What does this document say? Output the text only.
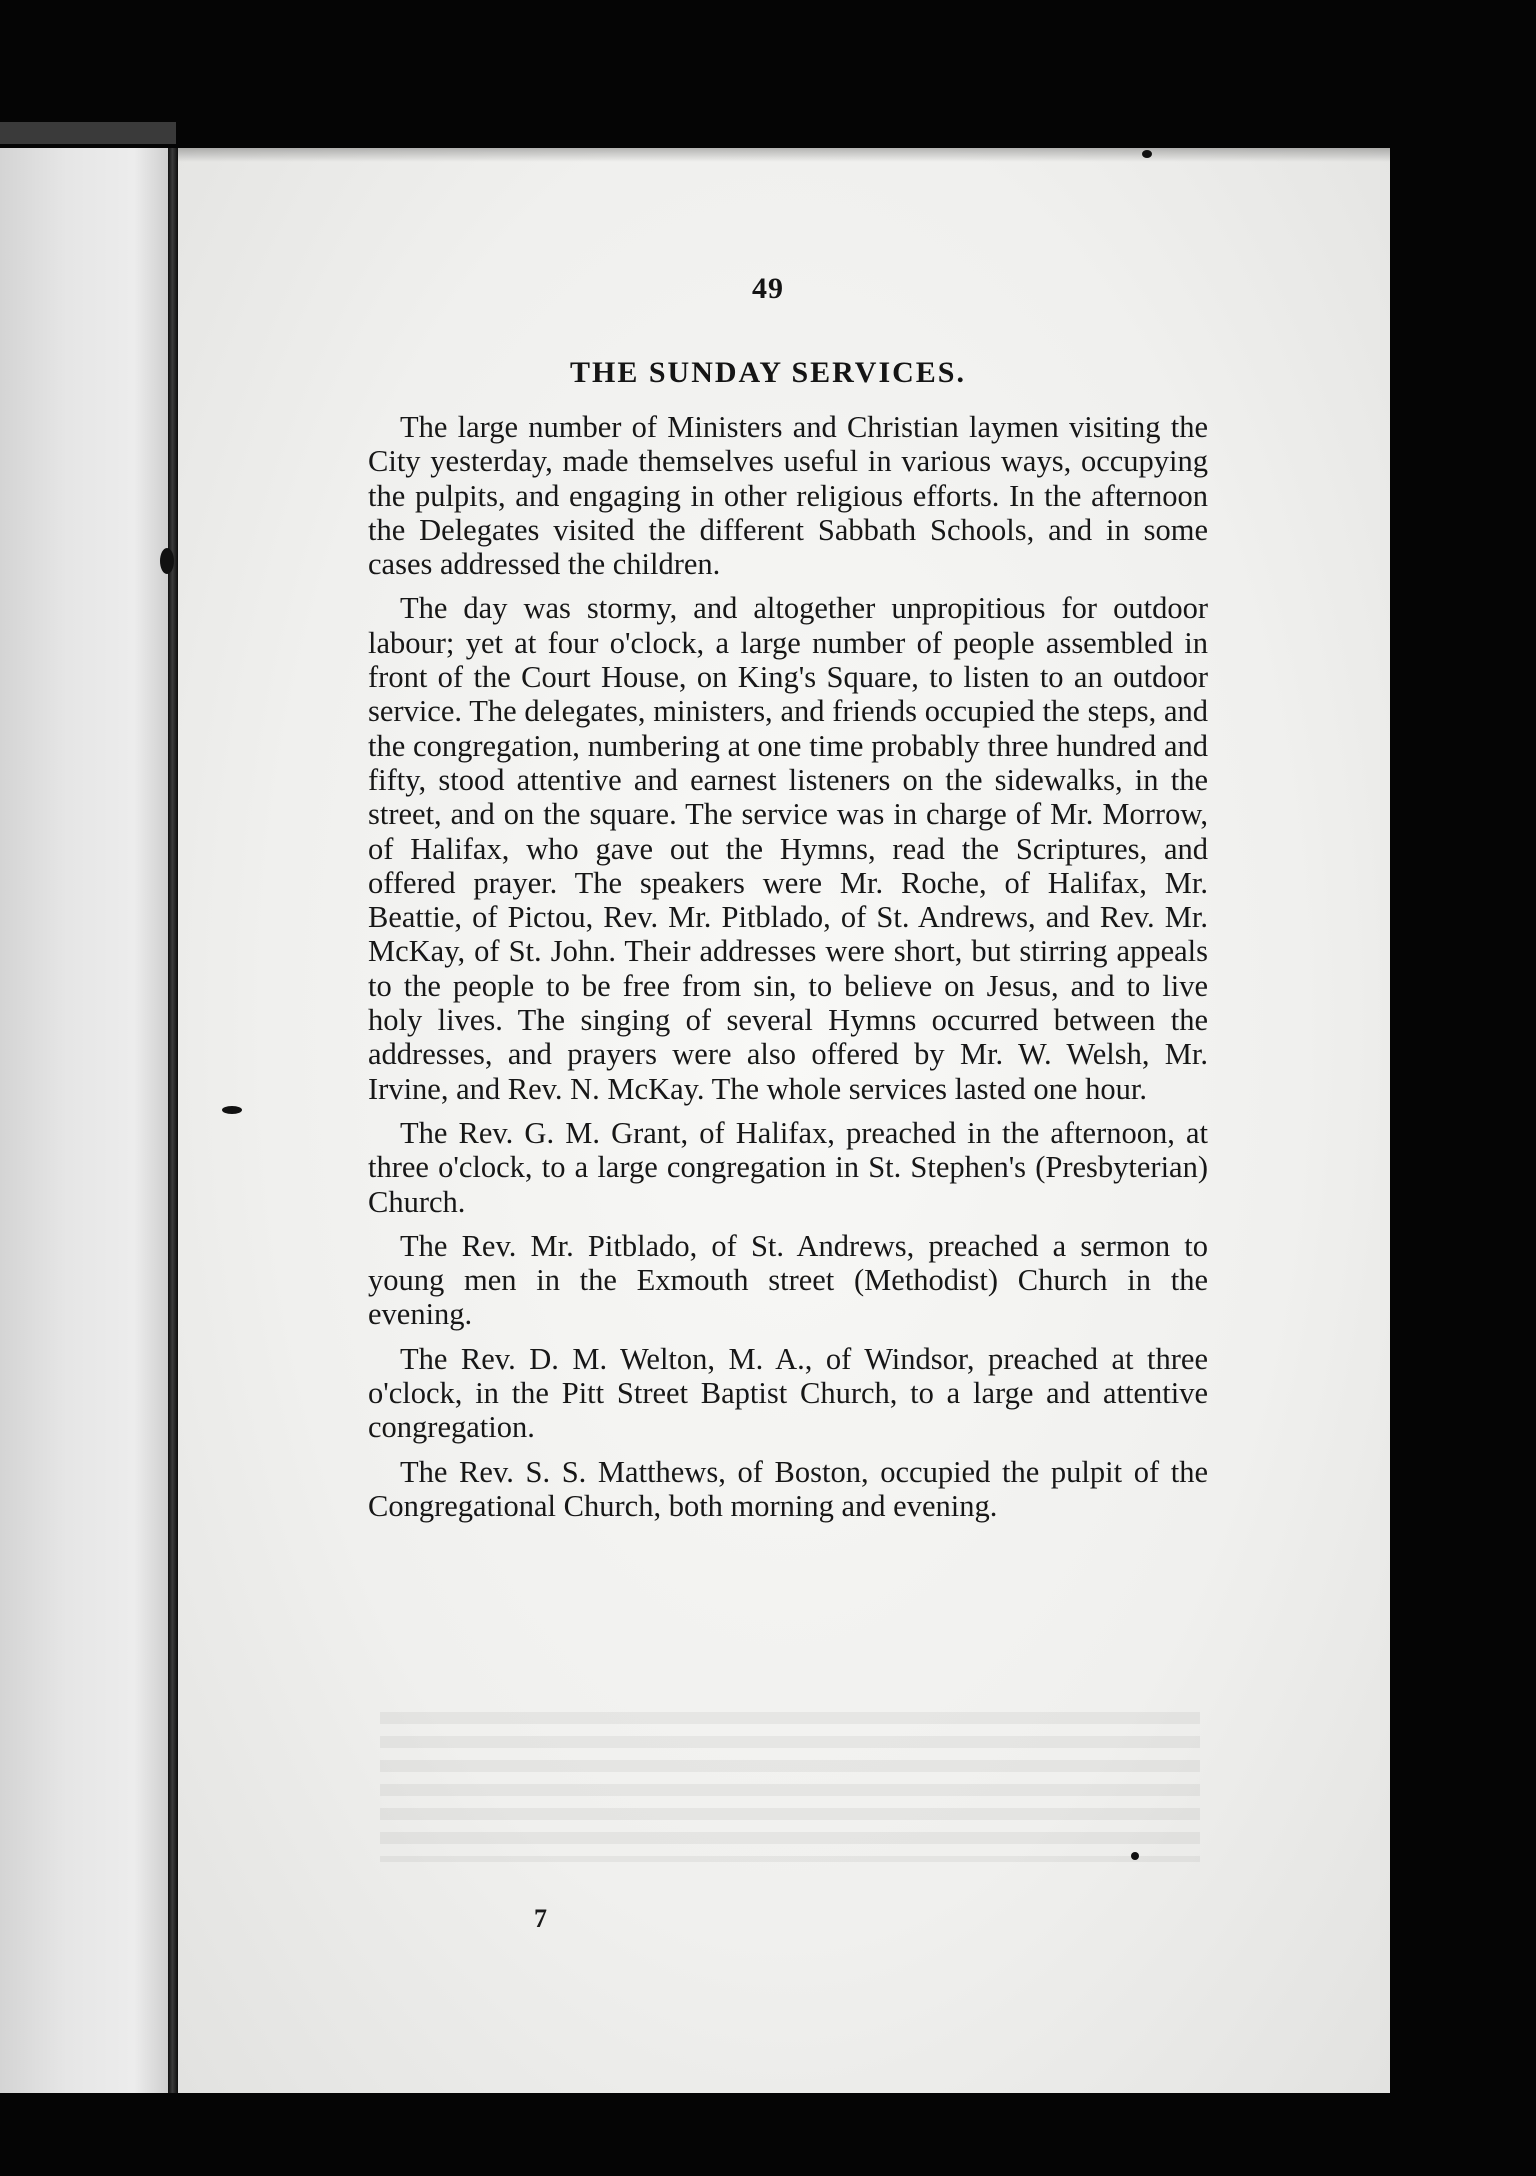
49
THE SUNDAY SERVICES.

The large number of Ministers and Christian laymen visiting the City yesterday, made themselves useful in various ways, occupying the pulpits, and engaging in other religious efforts. In the afternoon the Delegates visited the different Sabbath Schools, and in some cases addressed the children.

The day was stormy, and altogether unpropitious for outdoor labour; yet at four o'clock, a large number of people assembled in front of the Court House, on King's Square, to listen to an outdoor service. The delegates, ministers, and friends occupied the steps, and the congregation, numbering at one time probably three hundred and fifty, stood attentive and earnest listeners on the sidewalks, in the street, and on the square. The service was in charge of Mr. Morrow, of Halifax, who gave out the Hymns, read the Scriptures, and offered prayer. The speakers were Mr. Roche, of Halifax, Mr. Beattie, of Pictou, Rev. Mr. Pitblado, of St. Andrews, and Rev. Mr. McKay, of St. John. Their addresses were short, but stirring appeals to the people to be free from sin, to believe on Jesus, and to live holy lives. The singing of several Hymns occurred between the addresses, and prayers were also offered by Mr. W. Welsh, Mr. Irvine, and Rev. N. McKay. The whole services lasted one hour.

The Rev. G. M. Grant, of Halifax, preached in the afternoon, at three o'clock, to a large congregation in St. Stephen's (Presbyterian) Church.

The Rev. Mr. Pitblado, of St. Andrews, preached a sermon to young men in the Exmouth street (Methodist) Church in the evening.

The Rev. D. M. Welton, M. A., of Windsor, preached at three o'clock, in the Pitt Street Baptist Church, to a large and attentive congregation.

The Rev. S. S. Matthews, of Boston, occupied the pulpit of the Congregational Church, both morning and evening.

7
